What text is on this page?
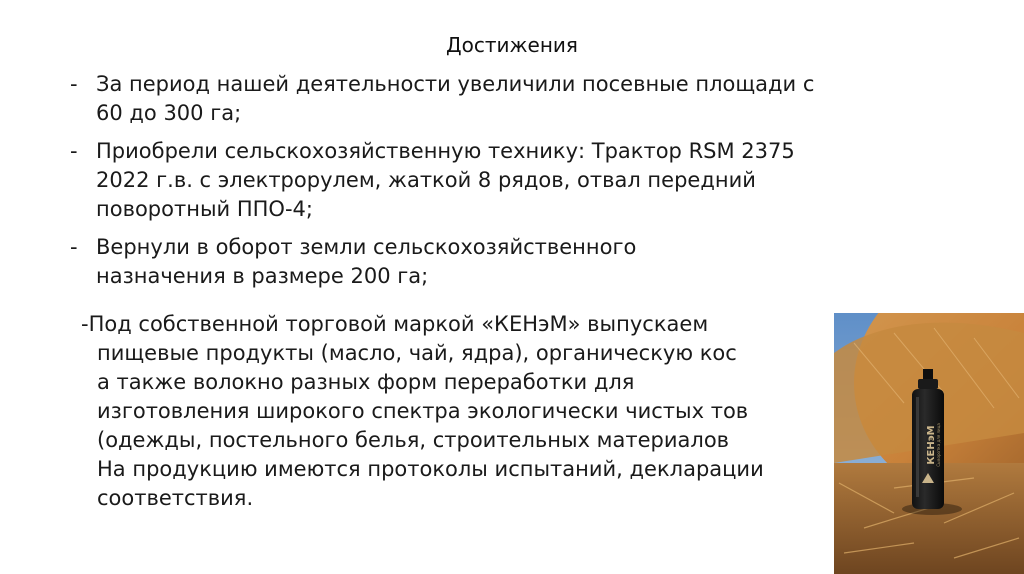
Достижения
- За период нашей деятельности увеличили посевные площади с
60 до 300 га;
- Приобрели сельскохозяйственную технику: Трактор RSM 2375
2022 г.в. с электрорулем, жаткой 8 рядов, отвал передний
поворотный ППО-4;
- Вернули в оборот земли сельскохозяйственного
назначения в размере 200 га;
-Под собственной торговой маркой «КЕНэМ» выпускаем
пищевые продукты (масло, чай, ядра), органическую кос
а также волокно разных форм переработки для
изготовления широкого спектра экологически чистых тов
(одежды, постельного белья, строительных материалов
На продукцию имеются протоколы испытаний, декларации
соответствия.
КЕНэМ Сыворотка для лица
